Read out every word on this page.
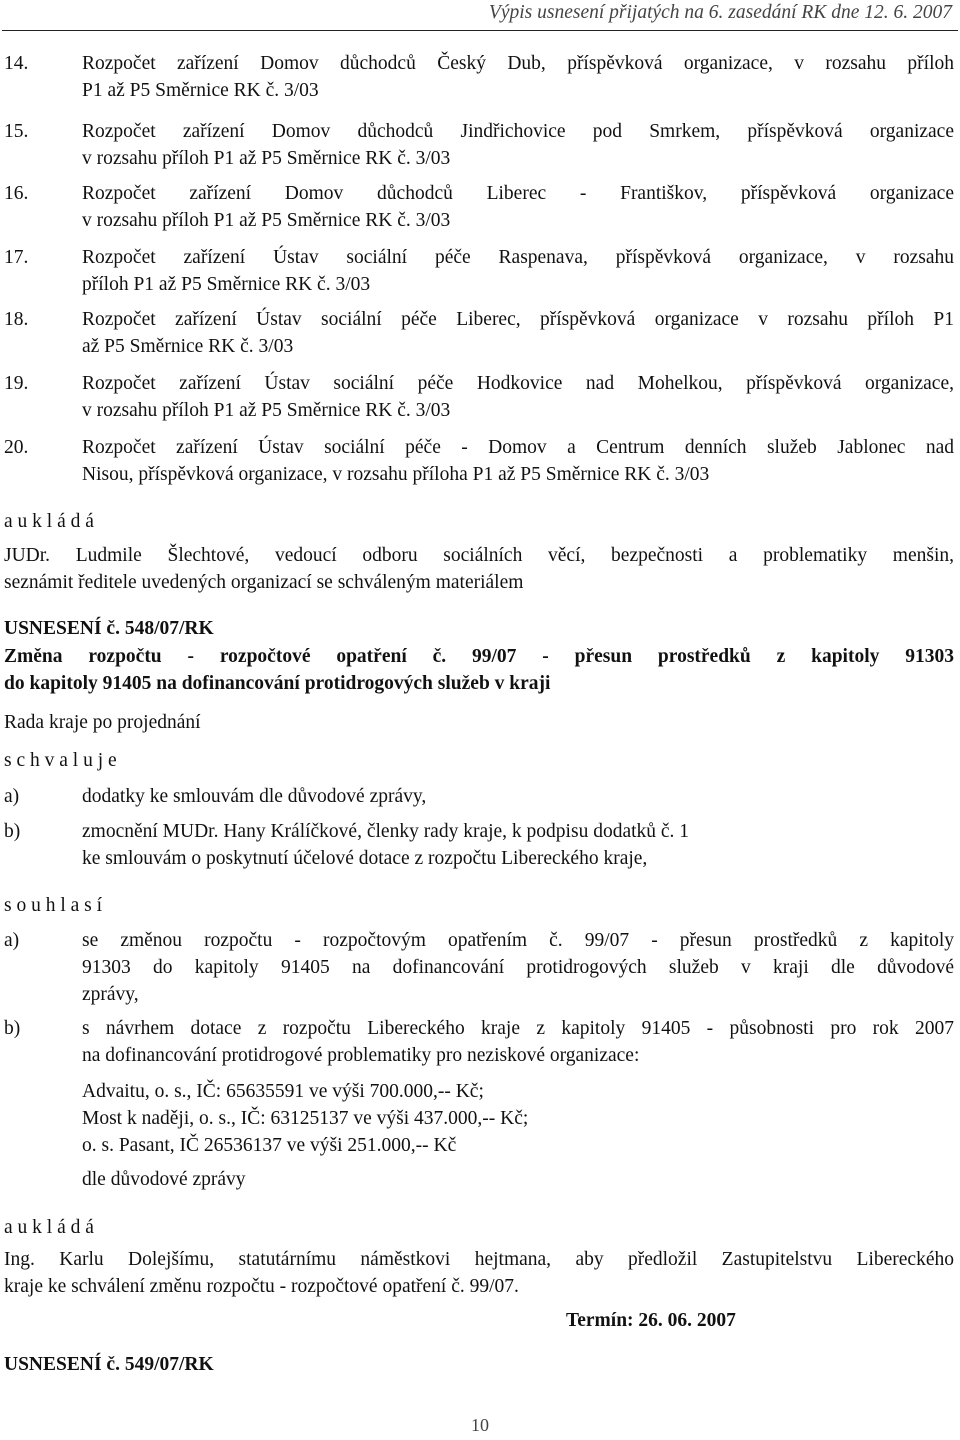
Výpis usnesení přijatých na 6. zasedání RK dne 12. 6. 2007
14.	Rozpočet zařízení Domov důchodců Český Dub, příspěvková organizace, v rozsahu příloh
P1 až P5 Směrnice RK č. 3/03
15.	Rozpočet zařízení Domov důchodců Jindřichovice pod Smrkem, příspěvková organizace
v rozsahu příloh P1 až P5 Směrnice RK č. 3/03
16.	Rozpočet zařízení Domov důchodců Liberec - Františkov, příspěvková organizace
v rozsahu příloh P1 až P5 Směrnice RK č. 3/03
17.	Rozpočet zařízení Ústav sociální péče Raspenava, příspěvková organizace, v rozsahu
příloh P1 až P5 Směrnice RK č. 3/03
18.	Rozpočet zařízení Ústav sociální péče Liberec, příspěvková organizace v rozsahu příloh P1
až P5 Směrnice RK č. 3/03
19.	Rozpočet zařízení Ústav sociální péče Hodkovice nad Mohelkou, příspěvková organizace,
v rozsahu příloh P1 až P5 Směrnice RK č. 3/03
20.	Rozpočet zařízení Ústav sociální péče - Domov a Centrum denních služeb Jablonec nad
Nisou, příspěvková organizace, v rozsahu příloha P1 až P5 Směrnice RK č. 3/03
a u k l á d á
JUDr. Ludmile Šlechtové, vedoucí odboru sociálních věcí, bezpečnosti a problematiky menšin,
seznámit ředitele uvedených organizací se schváleným materiálem
USNESENÍ č. 548/07/RK
Změna rozpočtu - rozpočtové opatření č. 99/07 - přesun prostředků z kapitoly 91303
do kapitoly 91405 na dofinancování protidrogových služeb v kraji
Rada kraje po projednání
s c h v a l u j e
a)	dodatky ke smlouvám dle důvodové zprávy,
b)	zmocnění MUDr. Hany Králíčkové, členky rady kraje, k podpisu dodatků č. 1
ke smlouvám o poskytnutí účelové dotace z rozpočtu Libereckého kraje,
s o u h l a s í
a)	se změnou rozpočtu - rozpočtovým opatřením č. 99/07 - přesun prostředků z kapitoly
91303 do kapitoly 91405 na dofinancování protidrogových služeb v kraji dle důvodové
zprávy,
b)	s návrhem dotace z rozpočtu Libereckého kraje z kapitoly 91405 - působnosti pro rok 2007
na dofinancování protidrogové problematiky pro neziskové organizace:
Advaitu, o. s., IČ: 65635591 ve výši 700.000,-- Kč;
Most k naději, o. s., IČ: 63125137 ve výši 437.000,-- Kč;
o. s. Pasant, IČ 26536137 ve výši 251.000,-- Kč
dle důvodové zprávy
a u k l á d á
Ing. Karlu Dolejšímu, statutárnímu náměstkovi hejtmana, aby předložil Zastupitelstvu Libereckého
kraje ke schválení změnu rozpočtu - rozpočtové opatření č. 99/07.
Termín: 26. 06. 2007
USNESENÍ č. 549/07/RK
10
